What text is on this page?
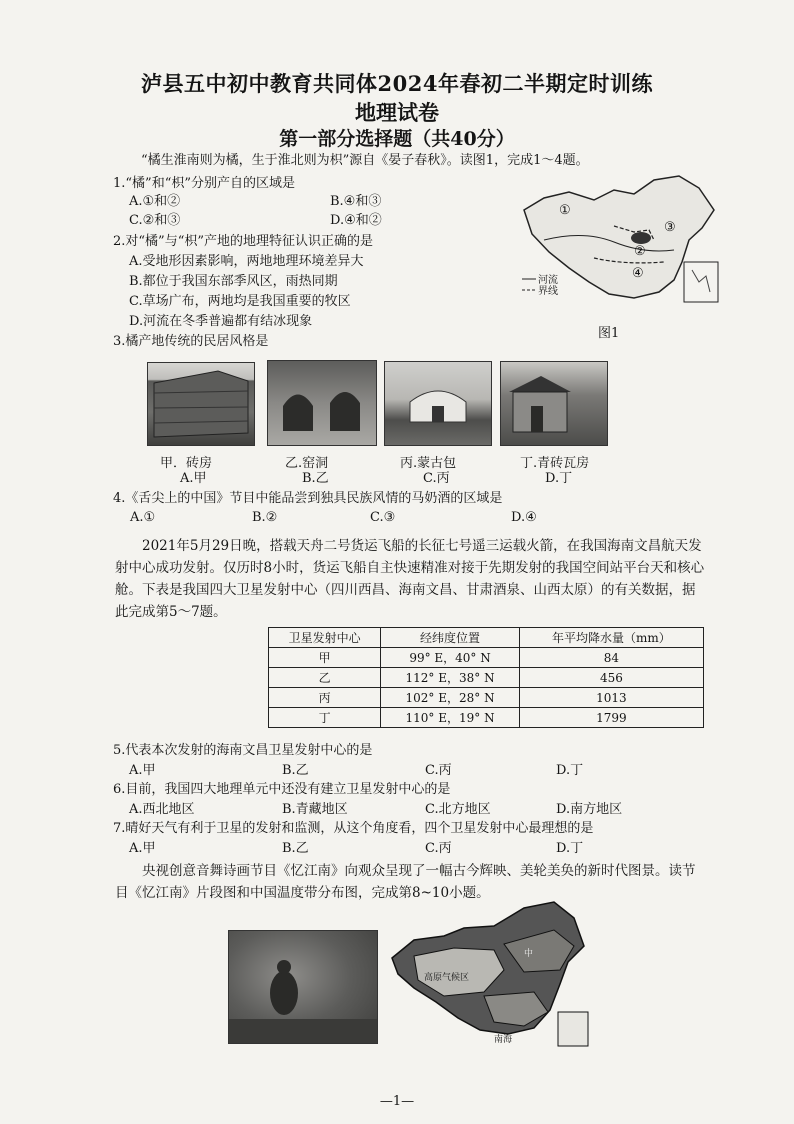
泸县五中初中教育共同体2024年春初二半期定时训练
地理试卷
第一部分选择题（共40分）
“橘生淮南则为橘，生于淮北则为枳”源自《晏子春秋》。读图1，完成1～4题。
1.“橘”和“枳”分别产自的区域是
A.①和②	B.④和③
C.②和③	D.④和②
2.对“橘”与“枳”产地的地理特征认识正确的是
A.受地形因素影响，两地地理环境差异大
B.都位于我国东部季风区，雨热同期
C.草场广布，两地均是我国重要的牧区
D.河流在冬季普遍都有结冰现象
①
②
③
④
河流
界线
图1
3.橘产地传统的民居风格是
甲．砖房	乙.窑洞	丙.蒙古包	丁.青砖瓦房
A.甲	B.乙	C.丙	D.丁
4.《舌尖上的中国》节目中能品尝到独具民族风情的马奶酒的区域是
A.①	B.②	C.③	D.④
2021年5月29日晚，搭载天舟二号货运飞船的长征七号遥三运载火箭，在我国海南文昌航天发射中心成功发射。仅历时8小时，货运飞船自主快速精准对接于先期发射的我国空间站平台天和核心舱。下表是我国四大卫星发射中心（四川西昌、海南文昌、甘肃酒泉、山西太原）的有关数据，据此完成第5～7题。
卫星发射中心	经纬度位置	年平均降水量（mm）
甲	99° E，40° N	84
乙	112° E，38° N	456
丙	102° E，28° N	1013
丁	110° E，19° N	1799
5.代表本次发射的海南文昌卫星发射中心的是
A.甲	B.乙	C.丙	D.丁
6.目前，我国四大地理单元中还没有建立卫星发射中心的是
A.西北地区	B.青藏地区	C.北方地区	D.南方地区
7.晴好天气有利于卫星的发射和监测，从这个角度看，四个卫星发射中心最理想的是
A.甲	B.乙	C.丙	D.丁
央视创意音舞诗画节目《忆江南》向观众呈现了一幅古今辉映、美轮美奂的新时代图景。读节目《忆江南》片段图和中国温度带分布图，完成第8~10小题。
高原气候区
中
南海
—1—
